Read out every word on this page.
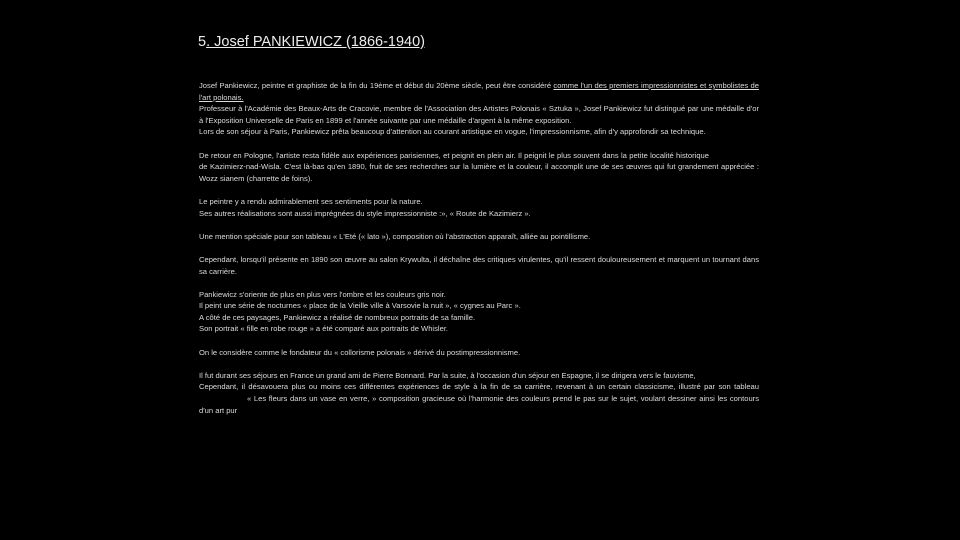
5. Josef PANKIEWICZ (1866-1940)

Josef Pankiewicz, peintre et graphiste de la fin du 19ème et début du 20ème siècle, peut être considéré comme l'un des premiers impressionnistes et symbolistes de l'art polonais.

Professeur à l'Académie des Beaux-Arts de Cracovie, membre de l'Association des Artistes Polonais « Sztuka », Josef Pankiewicz fut distingué par une médaille d'or à l'Exposition Universelle de Paris en 1899 et l'année suivante par une médaille d'argent à la même exposition.

Lors de son séjour à Paris, Pankiewicz prêta beaucoup d'attention au courant artistique en vogue, l'impressionnisme, afin d'y approfondir sa technique.

De retour en Pologne, l'artiste resta fidèle aux expériences parisiennes, et peignit en plein air. Il peignit le plus souvent dans la petite localité historiquede Kazimierz-nad-Wisla. C'est là-bas qu'en 1890, fruit de ses recherches sur la lumière et la couleur, il accomplit une de ses œuvres qui fut grandement appréciée : Wozz sianem (charrette de foins).

Le peintre y a rendu admirablement ses sentiments pour la nature.

Ses autres réalisations sont aussi imprégnées du style impressionniste :», « Route de Kazimierz ».

Une mention spéciale pour son tableau « L'Eté (« lato »), composition où l'abstraction apparaît, alliée au pointillisme.

Cependant, lorsqu'il présente en 1890 son œuvre au salon Krywulta, il déchaîne des critiques virulentes, qu'il ressent douloureusement et marquent un tournant dans sa carrière.

Pankiewicz s'oriente de plus en plus vers l'ombre et les couleurs gris noir.

Il peint une série de nocturnes « place de la Vieille ville à Varsovie la nuit », « cygnes au Parc ».

A côté de ces paysages, Pankiewicz a réalisé de nombreux portraits de sa famille.

Son portrait « fille en robe rouge » a été comparé aux portraits de Whisler.

On le considère comme le fondateur du « collorisme polonais » dérivé du postimpressionnisme.

Il fut durant ses séjours en France un grand ami de Pierre Bonnard. Par la suite, à l'occasion d'un séjour en Espagne, il se dirigera vers le fauvisme,

Cependant, il désavouera plus ou moins ces différentes expériences de style à la fin de sa carrière, revenant à un certain classicisme, illustré par son tableau« Les fleurs dans un vase en verre, » composition gracieuse où l'harmonie des couleurs prend le pas sur le sujet, voulant dessiner ainsi les contours d'un art pur
